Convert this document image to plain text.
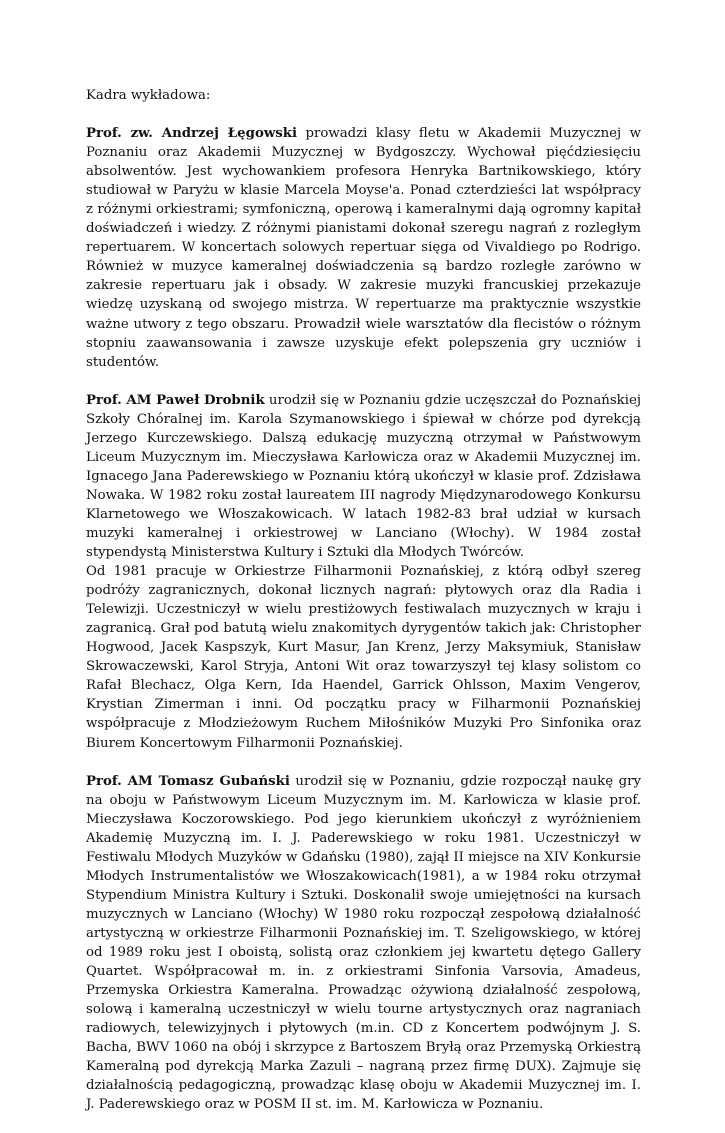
Kadra wykładowa:

Prof. zw. Andrzej Łęgowski prowadzi klasy fletu w Akademii Muzycznej w Poznaniu oraz Akademii Muzycznej w Bydgoszczy. Wychował pięćdziesięciu absolwentów. Jest wychowankiem profesora Henryka Bartnikowskiego, który studiował w Paryżu w klasie Marcela Moyse'a. Ponad czterdzieści lat współpracy z różnymi orkiestrami; symfoniczną, operową i kameralnymi dają ogromny kapitał doświadczeń i wiedzy. Z różnymi pianistami dokonał szeregu nagrań z rozległym repertuarem. W koncertach solowych repertuar sięga od Vivaldiego po Rodrigo. Również w muzyce kameralnej doświadczenia są bardzo rozległe zarówno w zakresie repertuaru jak i obsady. W zakresie muzyki francuskiej przekazuje wiedzę uzyskaną od swojego mistrza. W repertuarze ma praktycznie wszystkie ważne utwory z tego obszaru. Prowadził wiele warsztatów dla flecistów o różnym stopniu zaawansowania i zawsze uzyskuje efekt polepszenia gry uczniów i studentów.

Prof. AM Paweł Drobnik urodził się w Poznaniu gdzie uczęszczał do Poznańskiej Szkoły Chóralnej im. Karola Szymanowskiego i śpiewał w chórze pod dyrekcją Jerzego Kurczewskiego. Dalszą edukację muzyczną otrzymał w Państwowym Liceum Muzycznym im. Mieczysława Karłowicza oraz w Akademii Muzycznej im. Ignacego Jana Paderewskiego w Poznaniu którą ukończył w klasie prof. Zdzisława Nowaka. W 1982 roku został laureatem III nagrody Międzynarodowego Konkursu Klarnetowego we Włoszakowicach. W latach 1982-83 brał udział w kursach muzyki kameralnej i orkiestrowej w Lanciano (Włochy). W 1984 został stypendystą Ministerstwa Kultury i Sztuki dla Młodych Twórców.

Od 1981 pracuje w Orkiestrze Filharmonii Poznańskiej, z którą odbył szereg podróży zagranicznych, dokonał licznych nagrań: płytowych oraz dla Radia i Telewizji. Uczestniczył w wielu prestiżowych festiwalach muzycznych w kraju i zagranicą. Grał pod batutą wielu znakomitych dyrygentów takich jak: Christopher Hogwood, Jacek Kaspszyk, Kurt Masur, Jan Krenz, Jerzy Maksymiuk, Stanisław Skrowaczewski, Karol Stryja, Antoni Wit oraz towarzyszył tej klasy solistom co Rafał Blechacz, Olga Kern, Ida Haendel, Garrick Ohlsson, Maxim Vengerov, Krystian Zimerman i inni. Od początku pracy w Filharmonii Poznańskiej współpracuje z Młodzieżowym Ruchem Miłośników Muzyki Pro Sinfonika oraz Biurem Koncertowym Filharmonii Poznańskiej.

Prof. AM Tomasz Gubański urodził się w Poznaniu, gdzie rozpoczął naukę gry na oboju w Państwowym Liceum Muzycznym im. M. Karłowicza w klasie prof. Mieczysława Koczorowskiego. Pod jego kierunkiem ukończył z wyróżnieniem Akademię Muzyczną im. I. J. Paderewskiego w roku 1981. Uczestniczył w Festiwalu Młodych Muzyków w Gdańsku (1980), zajął II miejsce na XIV Konkursie Młodych Instrumentalistów we Włoszakowicach(1981), a w 1984 roku otrzymał Stypendium Ministra Kultury i Sztuki. Doskonalił swoje umiejętności na kursach muzycznych w Lanciano (Włochy) W 1980 roku rozpoczął zespołową działalność artystyczną w orkiestrze Filharmonii Poznańskiej im. T. Szeligowskiego, w której od 1989 roku jest I oboistą, solistą oraz członkiem jej kwartetu dętego Gallery Quartet. Współpracował m. in. z orkiestrami Sinfonia Varsovia, Amadeus, Przemyska Orkiestra Kameralna. Prowadząc ożywioną działalność zespołową, solową i kameralną uczestniczył w wielu tourne artystycznych oraz nagraniach radiowych, telewizyjnych i płytowych (m.in. CD z Koncertem podwójnym J. S. Bacha, BWV 1060 na obój i skrzypce z Bartoszem Bryłą oraz Przemyską Orkiestrą Kameralną pod dyrekcją Marka Zazuli – nagraną przez firmę DUX). Zajmuje się działalnością pedagogiczną, prowadząc klasę oboju w Akademii Muzycznej im. I. J. Paderewskiego oraz w POSM II st. im. M. Karłowicza w Poznaniu.
